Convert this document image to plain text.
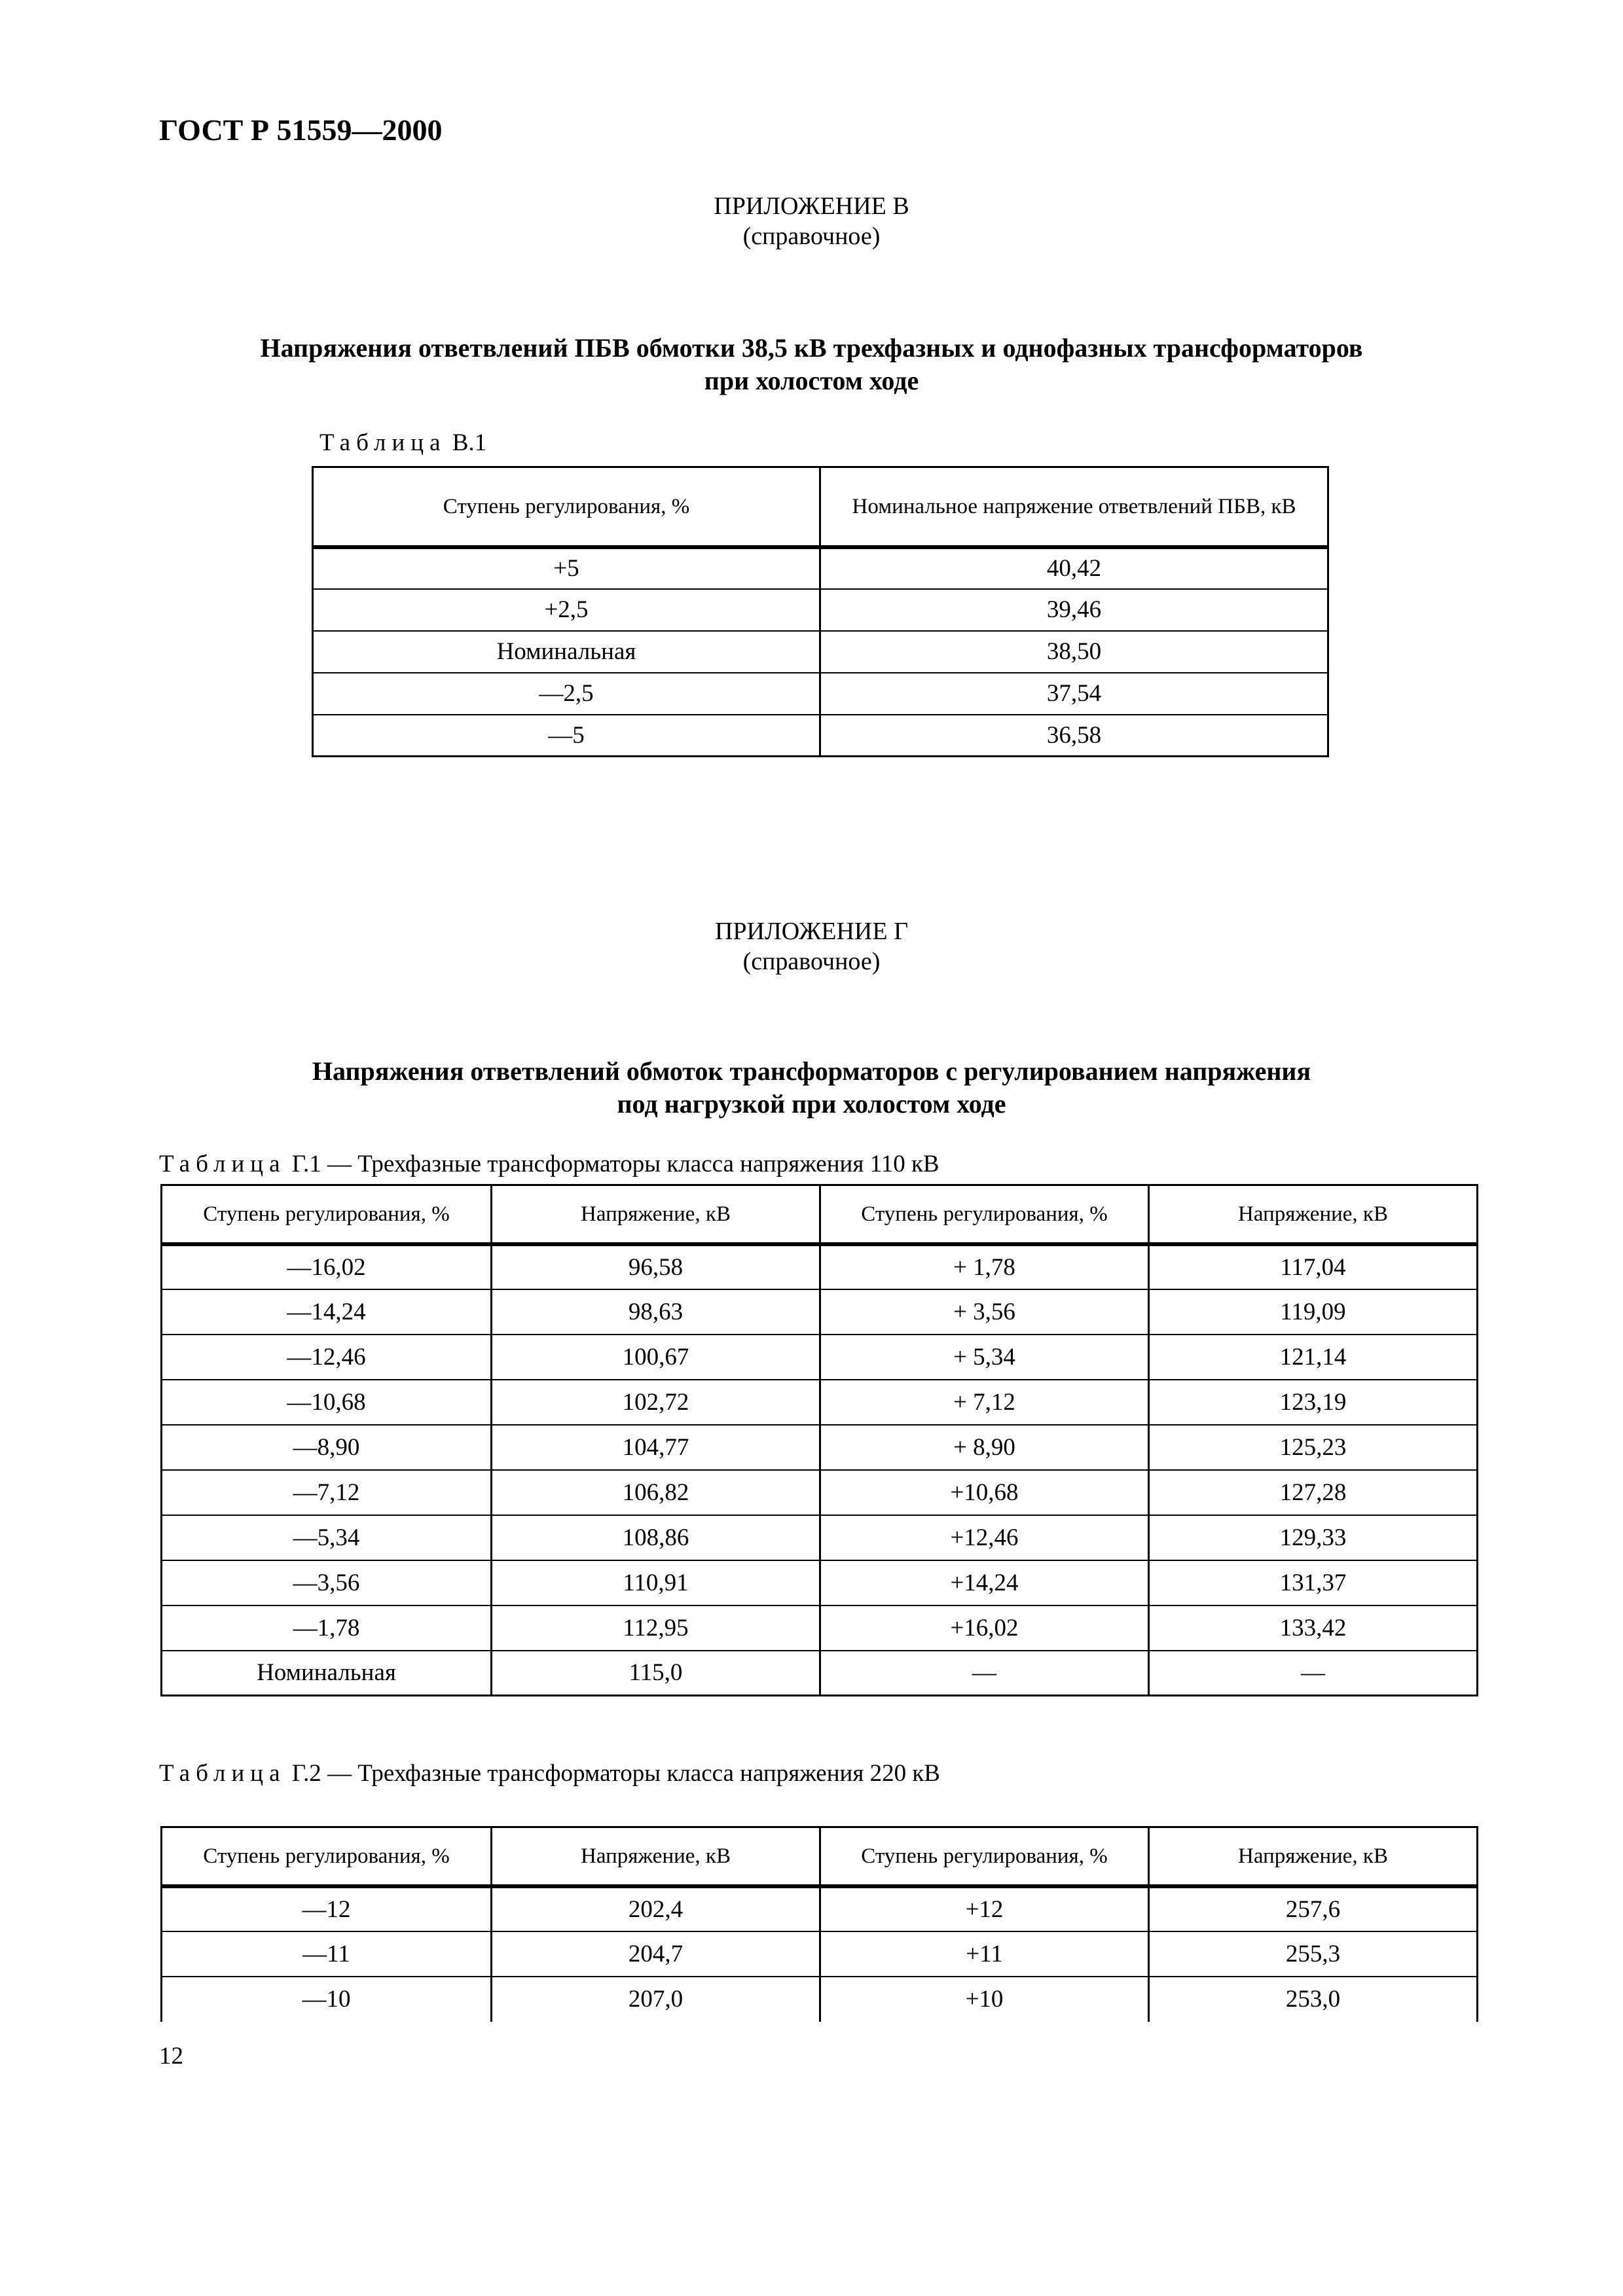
ГОСТ Р 51559—2000
ПРИЛОЖЕНИЕ В
(справочное)
Напряжения ответвлений ПБВ обмотки 38,5 кВ трехфазных и однофазных трансформаторов
при холостом ходе
Таблица В.1
Ступень регулирования, %	Номинальное напряжение ответвлений ПБВ, кВ
+5	40,42
+2,5	39,46
Номинальная	38,50
—2,5	37,54
—5	36,58
ПРИЛОЖЕНИЕ Г
(справочное)
Напряжения ответвлений обмоток трансформаторов с регулированием напряжения
под нагрузкой при холостом ходе
Таблица Г.1 — Трехфазные трансформаторы класса напряжения 110 кВ
Ступень регулирования, %	Напряжение, кВ	Ступень регулирования, %	Напряжение, кВ
—16,02	96,58	+ 1,78	117,04
—14,24	98,63	+ 3,56	119,09
—12,46	100,67	+ 5,34	121,14
—10,68	102,72	+ 7,12	123,19
—8,90	104,77	+ 8,90	125,23
—7,12	106,82	+10,68	127,28
—5,34	108,86	+12,46	129,33
—3,56	110,91	+14,24	131,37
—1,78	112,95	+16,02	133,42
Номинальная	115,0	—	—
Таблица Г.2 — Трехфазные трансформаторы класса напряжения 220 кВ
Ступень регулирования, %	Напряжение, кВ	Ступень регулирования, %	Напряжение, кВ
—12	202,4	+12	257,6
—11	204,7	+11	255,3
—10	207,0	+10	253,0
12
